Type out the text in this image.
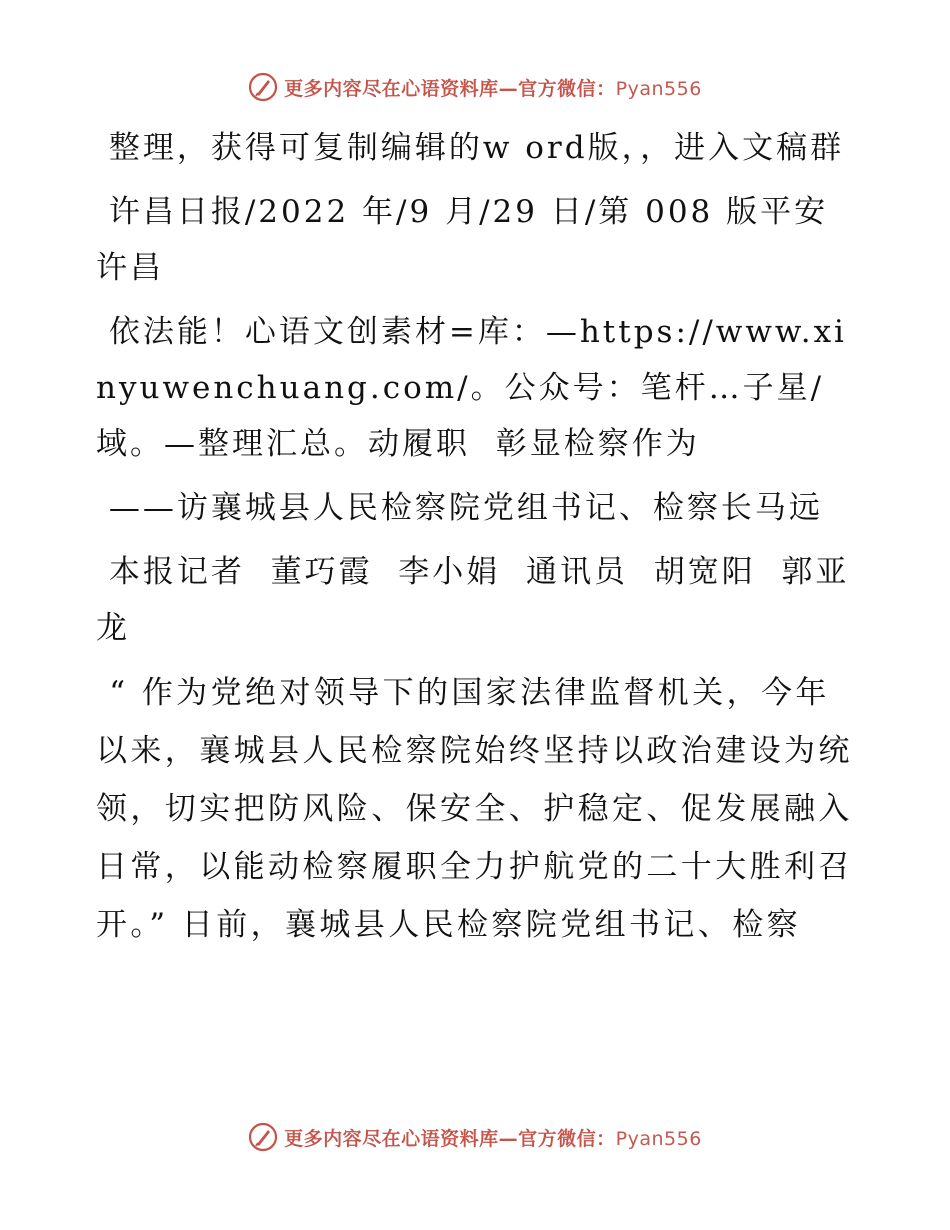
更多内容尽在心语资料库—官方微信：Pyan556

整理，获得可复制编辑的w ord版，，进入文稿群

许昌日报/2022 年/9 月/29 日/第 008 版平安许昌

依法能！心语文创素材=库：—https://www.xinyuwenchuang.com/。公众号：笔杆…子星/域。—整理汇总。动履职  彰显检察作为

——访襄城县人民检察院党组书记、检察长马远

本报记者  董巧霞  李小娟  通讯员  胡宽阳  郭亚龙

“ 作为党绝对领导下的国家法律监督机关，今年以来，襄城县人民检察院始终坚持以政治建设为统领，切实把防风险、保安全、护稳定、促发展融入日常，以能动检察履职全力护航党的二十大胜利召开。” 日前，襄城县人民检察院党组书记、检察

更多内容尽在心语资料库—官方微信：Pyan556
